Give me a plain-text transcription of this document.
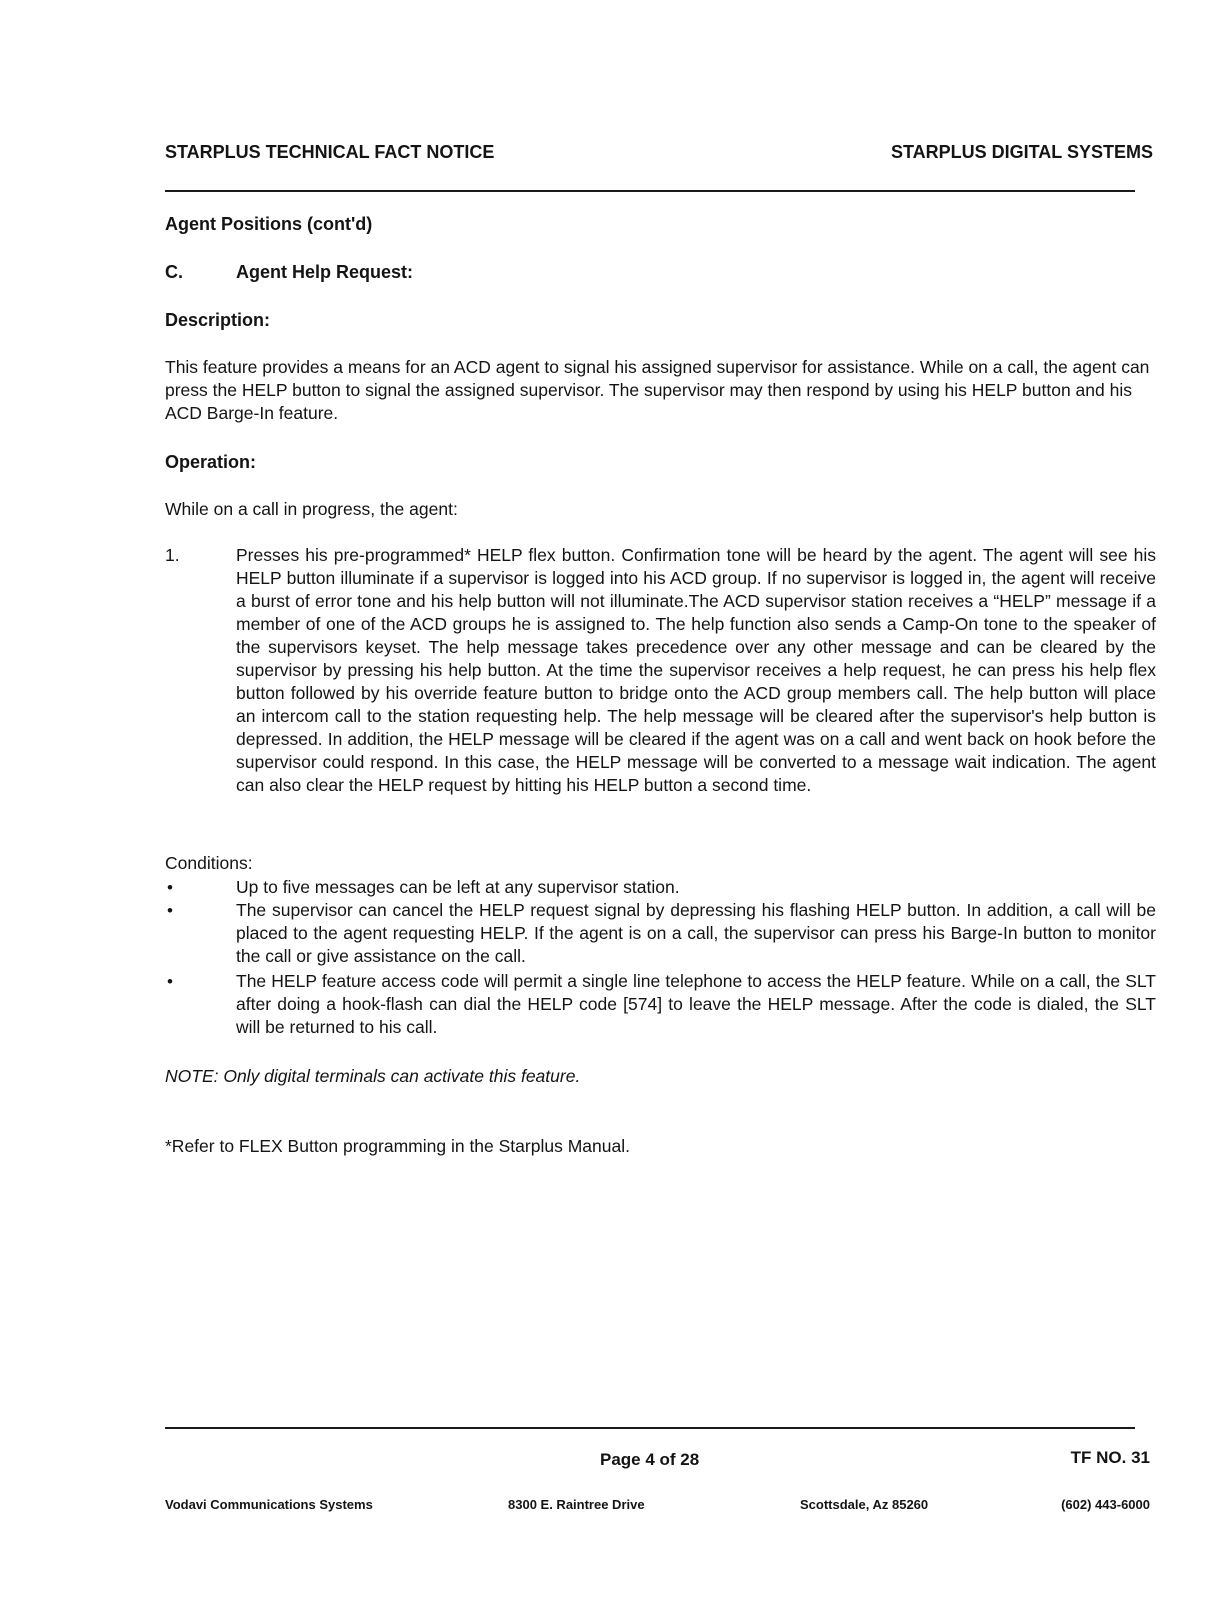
STARPLUS TECHNICAL FACT NOTICE	STARPLUS DIGITAL SYSTEMS
Agent Positions (cont'd)
C.	Agent Help Request:
Description:
This feature provides a means for an ACD agent to signal his assigned supervisor for assistance. While on a call, the agent can press the HELP button to signal the assigned supervisor. The supervisor may then respond by using his HELP button and his ACD Barge-In feature.
Operation:
While on a call in progress, the agent:
1.	Presses his pre-programmed* HELP flex button. Confirmation tone will be heard by the agent. The agent will see his HELP button illuminate if a supervisor is logged into his ACD group. If no supervisor is logged in, the agent will receive a burst of error tone and his help button will not illuminate.The ACD supervisor station receives a “HELP” message if a member of one of the ACD groups he is assigned to. The help function also sends a Camp-On tone to the speaker of the supervisors keyset. The help message takes precedence over any other message and can be cleared by the supervisor by pressing his help button. At the time the supervisor receives a help request, he can press his help flex button followed by his override feature button to bridge onto the ACD group members call. The help button will place an intercom call to the station requesting help. The help message will be cleared after the supervisor's help button is depressed. In addition, the HELP message will be cleared if the agent was on a call and went back on hook before the supervisor could respond. In this case, the HELP message will be converted to a message wait indication. The agent can also clear the HELP request by hitting his HELP button a second time.
Conditions:
•	Up to five messages can be left at any supervisor station.
•	The supervisor can cancel the HELP request signal by depressing his flashing HELP button. In addition, a call will be placed to the agent requesting HELP. If the agent is on a call, the supervisor can press his Barge-In button to monitor the call or give assistance on the call.
•	The HELP feature access code will permit a single line telephone to access the HELP feature. While on a call, the SLT after doing a hook-flash can dial the HELP code [574] to leave the HELP message. After the code is dialed, the SLT will be returned to his call.
NOTE: Only digital terminals can activate this feature.
*Refer to FLEX Button programming in the Starplus Manual.
Page 4 of 28	TF NO. 31
Vodavi Communications Systems	8300 E. Raintree Drive	Scottsdale, Az 85260	(602) 443-6000
